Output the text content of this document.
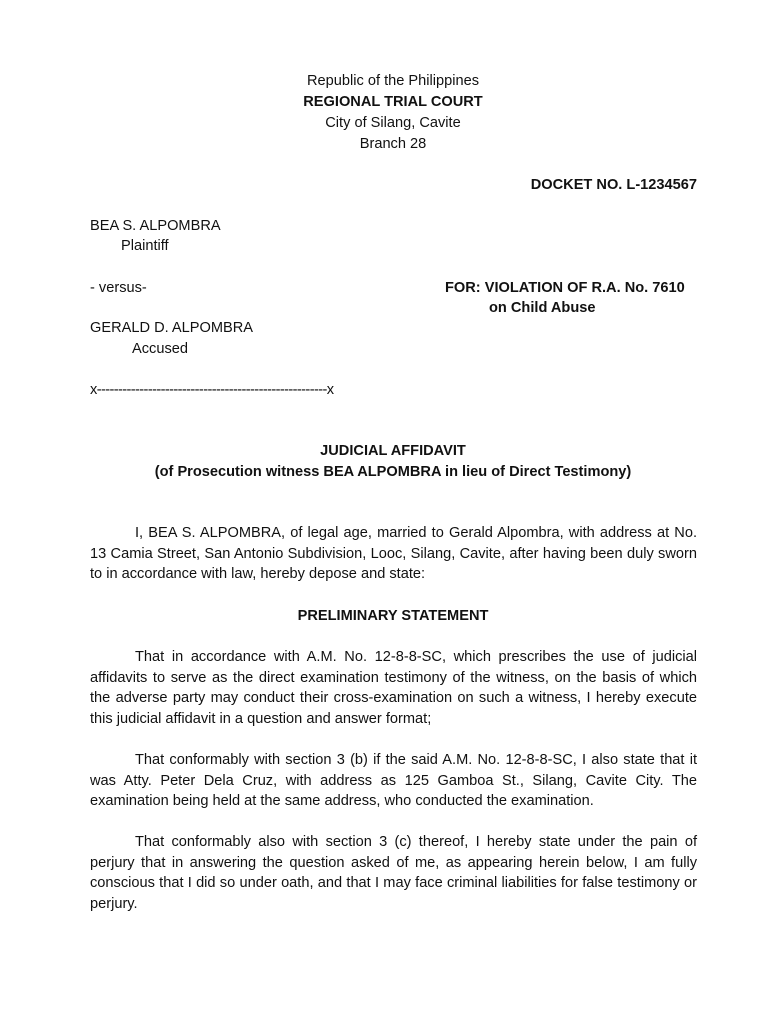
Republic of the Philippines
REGIONAL TRIAL COURT
City of Silang, Cavite
Branch 28
DOCKET NO. L-1234567
BEA S. ALPOMBRA
Plaintiff
- versus-	FOR: VIOLATION OF R.A. No. 7610
on Child Abuse
GERALD D. ALPOMBRA
Accused
x------------------------------------------------------x
JUDICIAL AFFIDAVIT
(of Prosecution witness BEA ALPOMBRA in lieu of Direct Testimony)
I, BEA S. ALPOMBRA, of legal age, married to Gerald Alpombra, with address at No. 13 Camia Street, San Antonio Subdivision, Looc, Silang, Cavite, after having been duly sworn to in accordance with law, hereby depose and state:
PRELIMINARY STATEMENT
That in accordance with A.M. No. 12-8-8-SC, which prescribes the use of judicial affidavits to serve as the direct examination testimony of the witness, on the basis of which the adverse party may conduct their cross-examination on such a witness, I hereby execute this judicial affidavit in a question and answer format;
That conformably with section 3 (b) if the said A.M. No. 12-8-8-SC, I also state that it was Atty. Peter Dela Cruz, with address as 125 Gamboa St., Silang, Cavite City. The examination being held at the same address, who conducted the examination.
That conformably also with section 3 (c) thereof, I hereby state under the pain of perjury that in answering the question asked of me, as appearing herein below, I am fully conscious that I did so under oath, and that I may face criminal liabilities for false testimony or perjury.
